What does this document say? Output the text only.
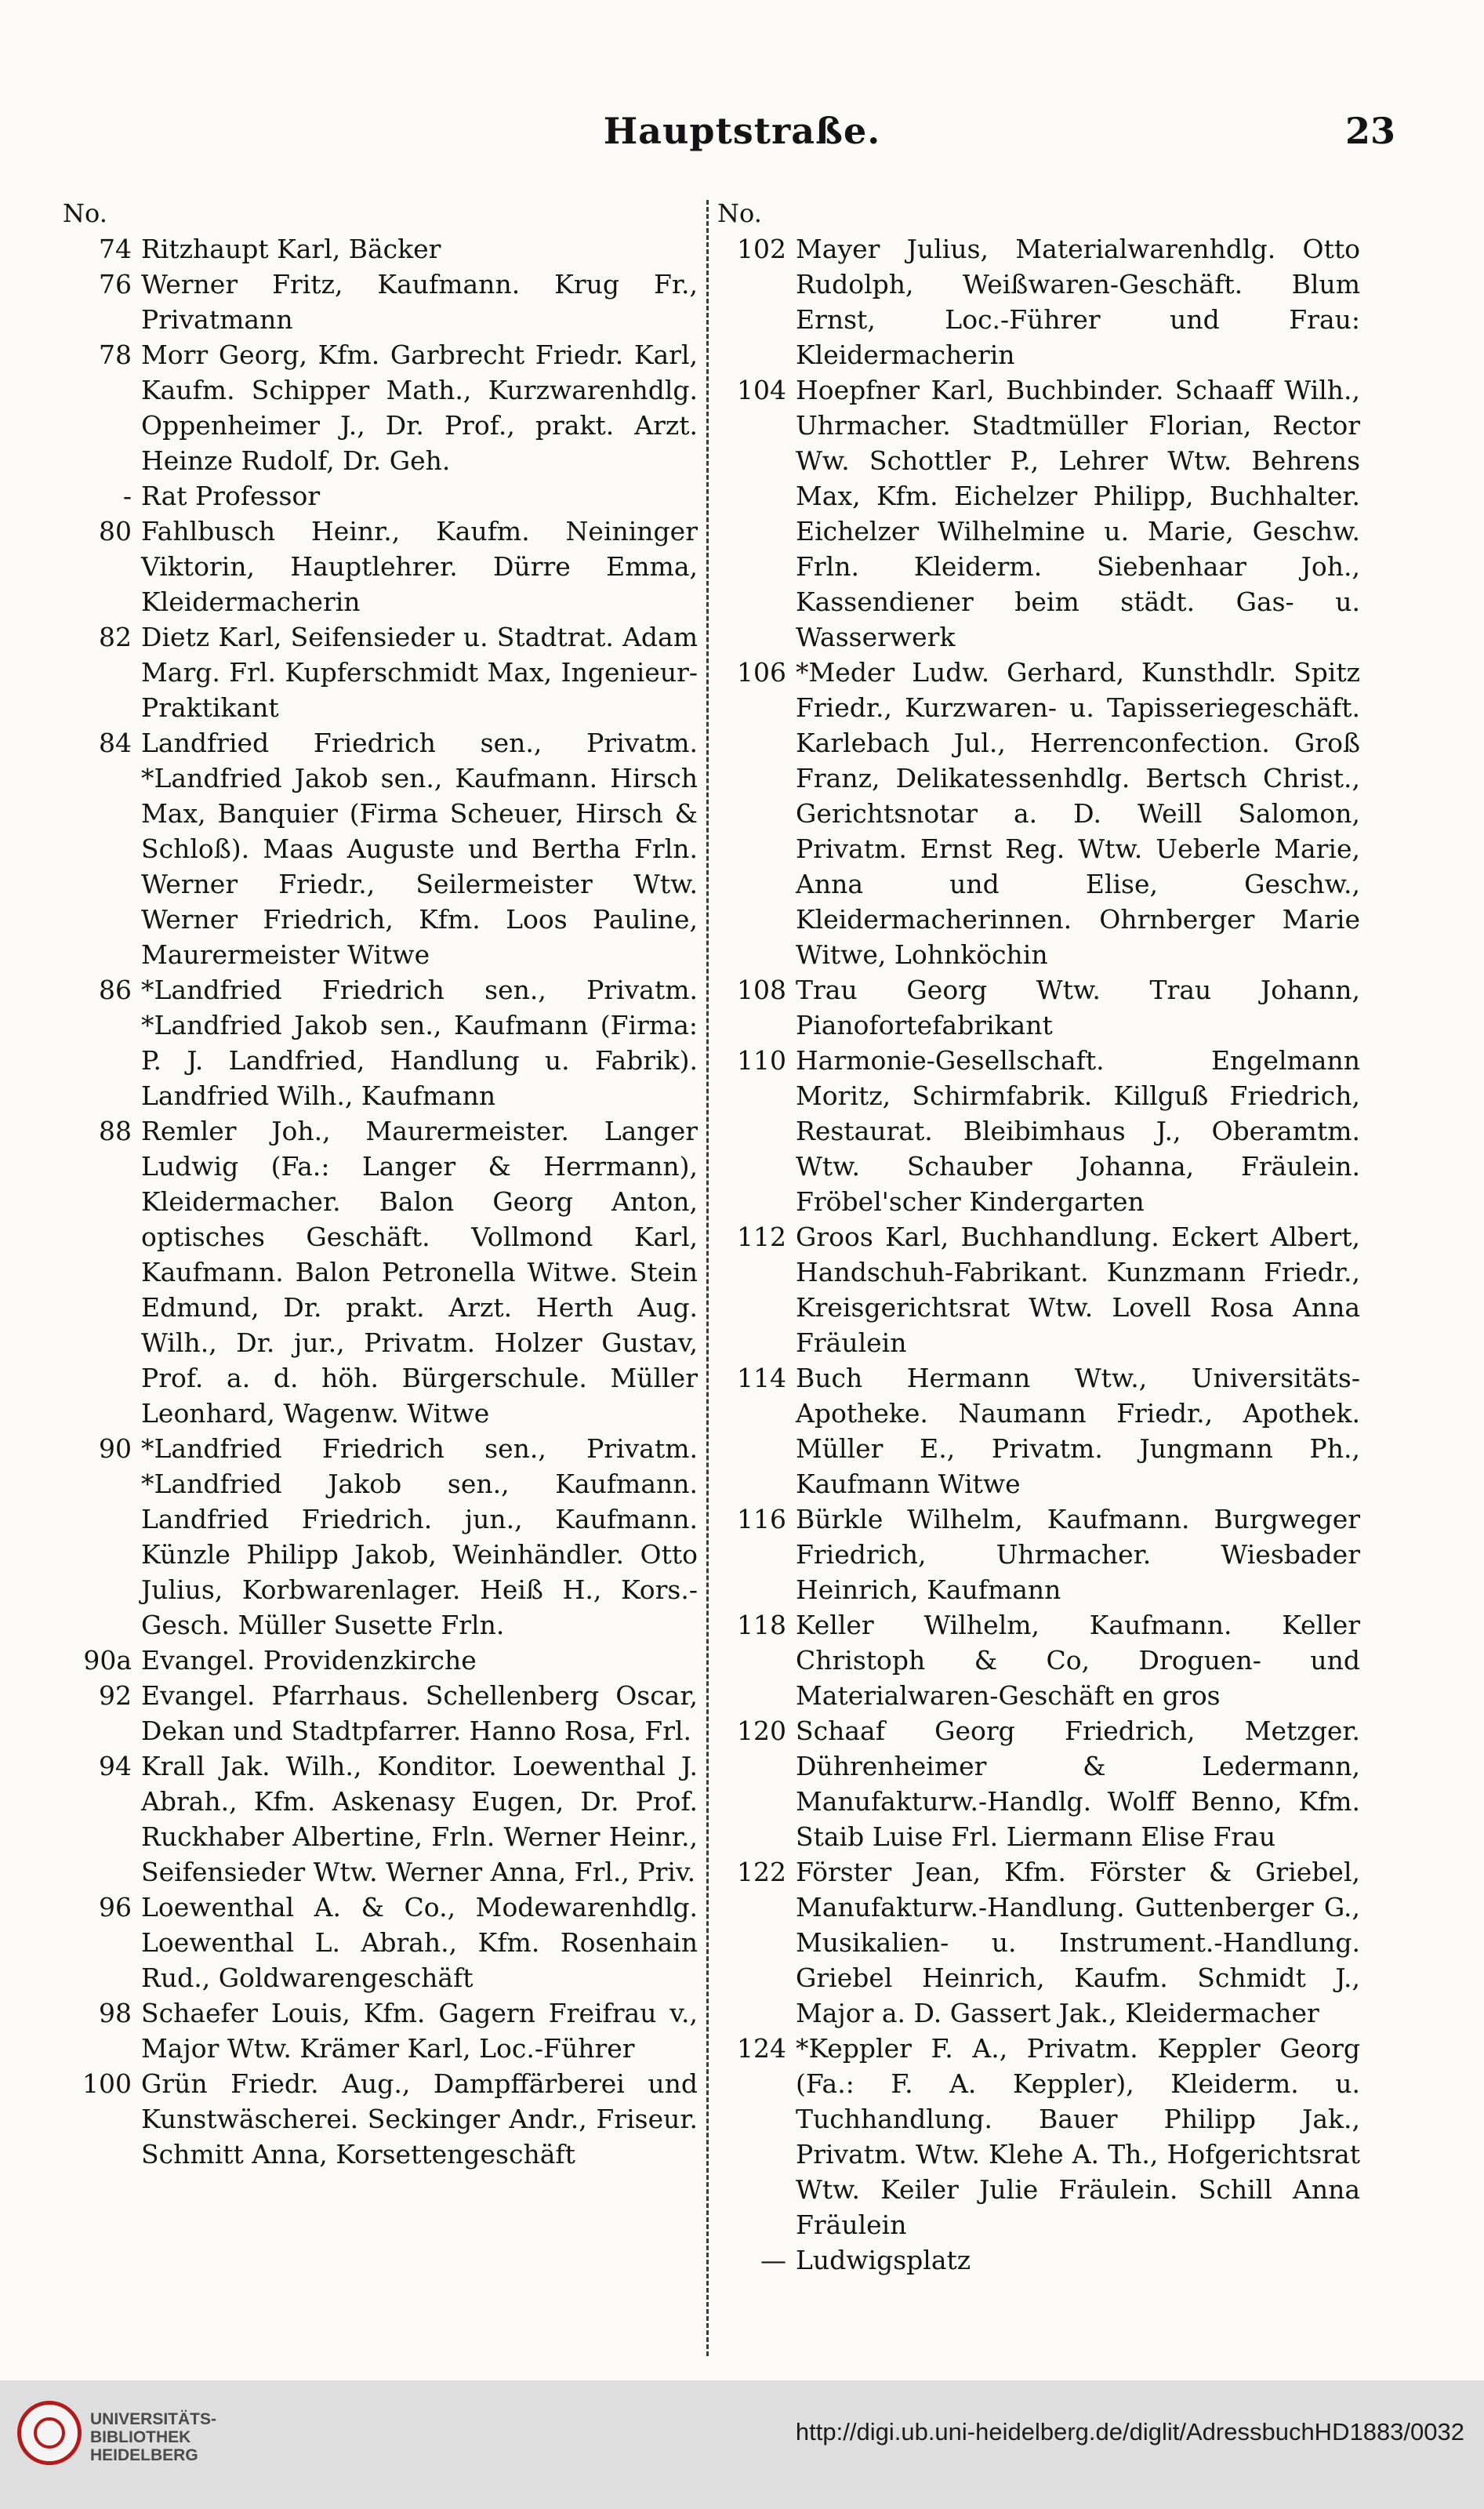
Hauptstraße.	23
No.
74 Ritzhaupt Karl, Bäcker
76 Werner Fritz, Kaufmann. Krug Fr., Privatmann
78 Morr Georg, Kfm. Garbrecht Friedr. Karl, Kaufm. Schipper Math., Kurzwarenhdlg. Oppenheimer J., Dr. Prof., prakt. Arzt. Heinze Rudolf, Dr. Geh.
- Rat Professor
80 Fahlbusch Heinr., Kaufm. Neininger Viktorin, Hauptlehrer. Dürre Emma, Kleidermacherin
82 Dietz Karl, Seifensieder u. Stadtrat. Adam Marg. Frl. Kupferschmidt Max, Ingenieur-Praktikant
84 Landfried Friedrich sen., Privatm. *Landfried Jakob sen., Kaufmann. Hirsch Max, Banquier (Firma Scheuer, Hirsch & Schloß). Maas Auguste und Bertha Frln. Werner Friedr., Seilermeister Wtw. Werner Friedrich, Kfm. Loos Pauline, Maurermeister Witwe
86 *Landfried Friedrich sen., Privatm. *Landfried Jakob sen., Kaufmann (Firma: P. J. Landfried, Handlung u. Fabrik). Landfried Wilh., Kaufmann
88 Remler Joh., Maurermeister. Langer Ludwig (Fa.: Langer & Herrmann), Kleidermacher. Balon Georg Anton, optisches Geschäft. Vollmond Karl, Kaufmann. Balon Petronella Witwe. Stein Edmund, Dr. prakt. Arzt. Herth Aug. Wilh., Dr. jur., Privatm. Holzer Gustav, Prof. a. d. höh. Bürgerschule. Müller Leonhard, Wagenw. Witwe
90 *Landfried Friedrich sen., Privatm. *Landfried Jakob sen., Kaufmann. Landfried Friedrich. jun., Kaufmann. Künzle Philipp Jakob, Weinhändler. Otto Julius, Korbwarenlager. Heiß H., Kors.-Gesch. Müller Susette Frln.
90a Evangel. Providenzkirche
92 Evangel. Pfarrhaus. Schellenberg Oscar, Dekan und Stadtpfarrer. Hanno Rosa, Frl.
94 Krall Jak. Wilh., Konditor. Loewenthal J. Abrah., Kfm. Askenasy Eugen, Dr. Prof. Ruckhaber Albertine, Frln. Werner Heinr., Seifensieder Wtw. Werner Anna, Frl., Priv.
96 Loewenthal A. & Co., Modewarenhdlg. Loewenthal L. Abrah., Kfm. Rosenhain Rud., Goldwarengeschäft
98 Schaefer Louis, Kfm. Gagern Freifrau v., Major Wtw. Krämer Karl, Loc.-Führer
100 Grün Friedr. Aug., Dampffärberei und Kunstwäscherei. Seckinger Andr., Friseur. Schmitt Anna, Korsettengeschäft
No.
102 Mayer Julius, Materialwarenhdlg. Otto Rudolph, Weißwaren-Geschäft. Blum Ernst, Loc.-Führer und Frau: Kleidermacherin
104 Hoepfner Karl, Buchbinder. Schaaff Wilh., Uhrmacher. Stadtmüller Florian, Rector Ww. Schottler P., Lehrer Wtw. Behrens Max, Kfm. Eichelzer Philipp, Buchhalter. Eichelzer Wilhelmine u. Marie, Geschw. Frln. Kleiderm. Siebenhaar Joh., Kassendiener beim städt. Gas- u. Wasserwerk
106 *Meder Ludw. Gerhard, Kunsthdlr. Spitz Friedr., Kurzwaren- u. Tapisseriegeschäft. Karlebach Jul., Herrenconfection. Groß Franz, Delikatessenhdlg. Bertsch Christ., Gerichtsnotar a. D. Weill Salomon, Privatm. Ernst Reg. Wtw. Ueberle Marie, Anna und Elise, Geschw., Kleidermacherinnen. Ohrnberger Marie Witwe, Lohnköchin
108 Trau Georg Wtw. Trau Johann, Pianofortefabrikant
110 Harmonie-Gesellschaft. Engelmann Moritz, Schirmfabrik. Killguß Friedrich, Restaurat. Bleibimhaus J., Oberamtm. Wtw. Schauber Johanna, Fräulein. Fröbel'scher Kindergarten
112 Groos Karl, Buchhandlung. Eckert Albert, Handschuh-Fabrikant. Kunzmann Friedr., Kreisgerichtsrat Wtw. Lovell Rosa Anna Fräulein
114 Buch Hermann Wtw., Universitäts-Apotheke. Naumann Friedr., Apothek. Müller E., Privatm. Jungmann Ph., Kaufmann Witwe
116 Bürkle Wilhelm, Kaufmann. Burgweger Friedrich, Uhrmacher. Wiesbader Heinrich, Kaufmann
118 Keller Wilhelm, Kaufmann. Keller Christoph & Co, Droguen- und Materialwaren-Geschäft en gros
120 Schaaf Georg Friedrich, Metzger. Dührenheimer & Ledermann, Manufakturw.-Handlg. Wolff Benno, Kfm. Staib Luise Frl. Liermann Elise Frau
122 Förster Jean, Kfm. Förster & Griebel, Manufakturw.-Handlung. Guttenberger G., Musikalien- u. Instrument.-Handlung. Griebel Heinrich, Kaufm. Schmidt J., Major a. D. Gassert Jak., Kleidermacher
124 *Keppler F. A., Privatm. Keppler Georg (Fa.: F. A. Keppler), Kleiderm. u. Tuchhandlung. Bauer Philipp Jak., Privatm. Wtw. Klehe A. Th., Hofgerichtsrat Wtw. Keiler Julie Fräulein. Schill Anna Fräulein
— Ludwigsplatz
UNIVERSITÄTS-
BIBLIOTHEK
HEIDELBERG
http://digi.ub.uni-heidelberg.de/diglit/AdressbuchHD1883/0032
